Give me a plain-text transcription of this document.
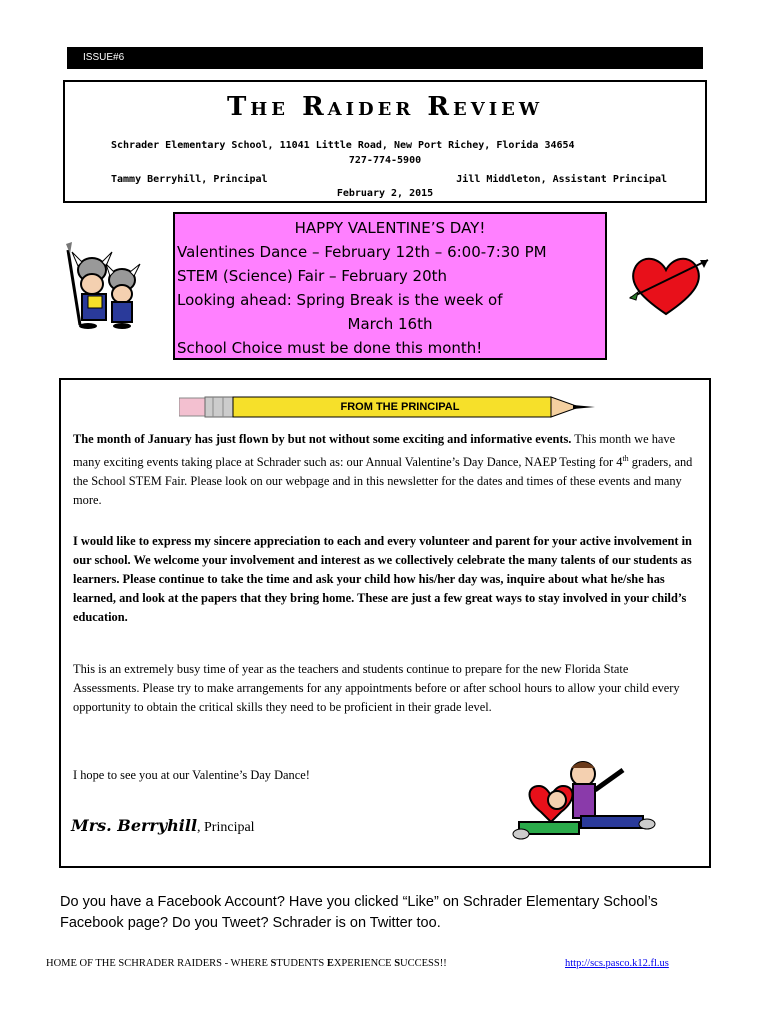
ISSUE#6
The Raider Review
Schrader Elementary School, 11041 Little Road, New Port Richey, Florida 34654
727-774-5900
Tammy Berryhill, Principal	Jill Middleton, Assistant Principal
February 2, 2015
HAPPY VALENTINE’S DAY!
Valentines Dance – February 12th – 6:00-7:30 PM
STEM (Science) Fair – February 20th
Looking ahead: Spring Break is the week of
March 16th
School Choice must be done this month!
FROM THE PRINCIPAL
The month of January has just flown by but not without some exciting and informative events. This month we have many exciting events taking place at Schrader such as: our Annual Valentine’s Day Dance, NAEP Testing for 4th graders, and the School STEM Fair. Please look on our webpage and in this newsletter for the dates and times of these events and many more.
I would like to express my sincere appreciation to each and every volunteer and parent for your active involvement in our school. We welcome your involvement and interest as we collectively celebrate the many talents of our students as learners. Please continue to take the time and ask your child how his/her day was, inquire about what he/she has learned, and look at the papers that they bring home. These are just a few great ways to stay involved in your child’s education.
This is an extremely busy time of year as the teachers and students continue to prepare for the new Florida State Assessments. Please try to make arrangements for any appointments before or after school hours to allow your child every opportunity to obtain the critical skills they need to be proficient in their grade level.
I hope to see you at our Valentine’s Day Dance!
Mrs. Berryhill, Principal
Do you have a Facebook Account? Have you clicked “Like” on Schrader Elementary School’s Facebook page? Do you Tweet? Schrader is on Twitter too.
HOME OF THE SCHRADER RAIDERS - WHERE STUDENTS EXPERIENCE SUCCESS!!	http://scs.pasco.k12.fl.us
